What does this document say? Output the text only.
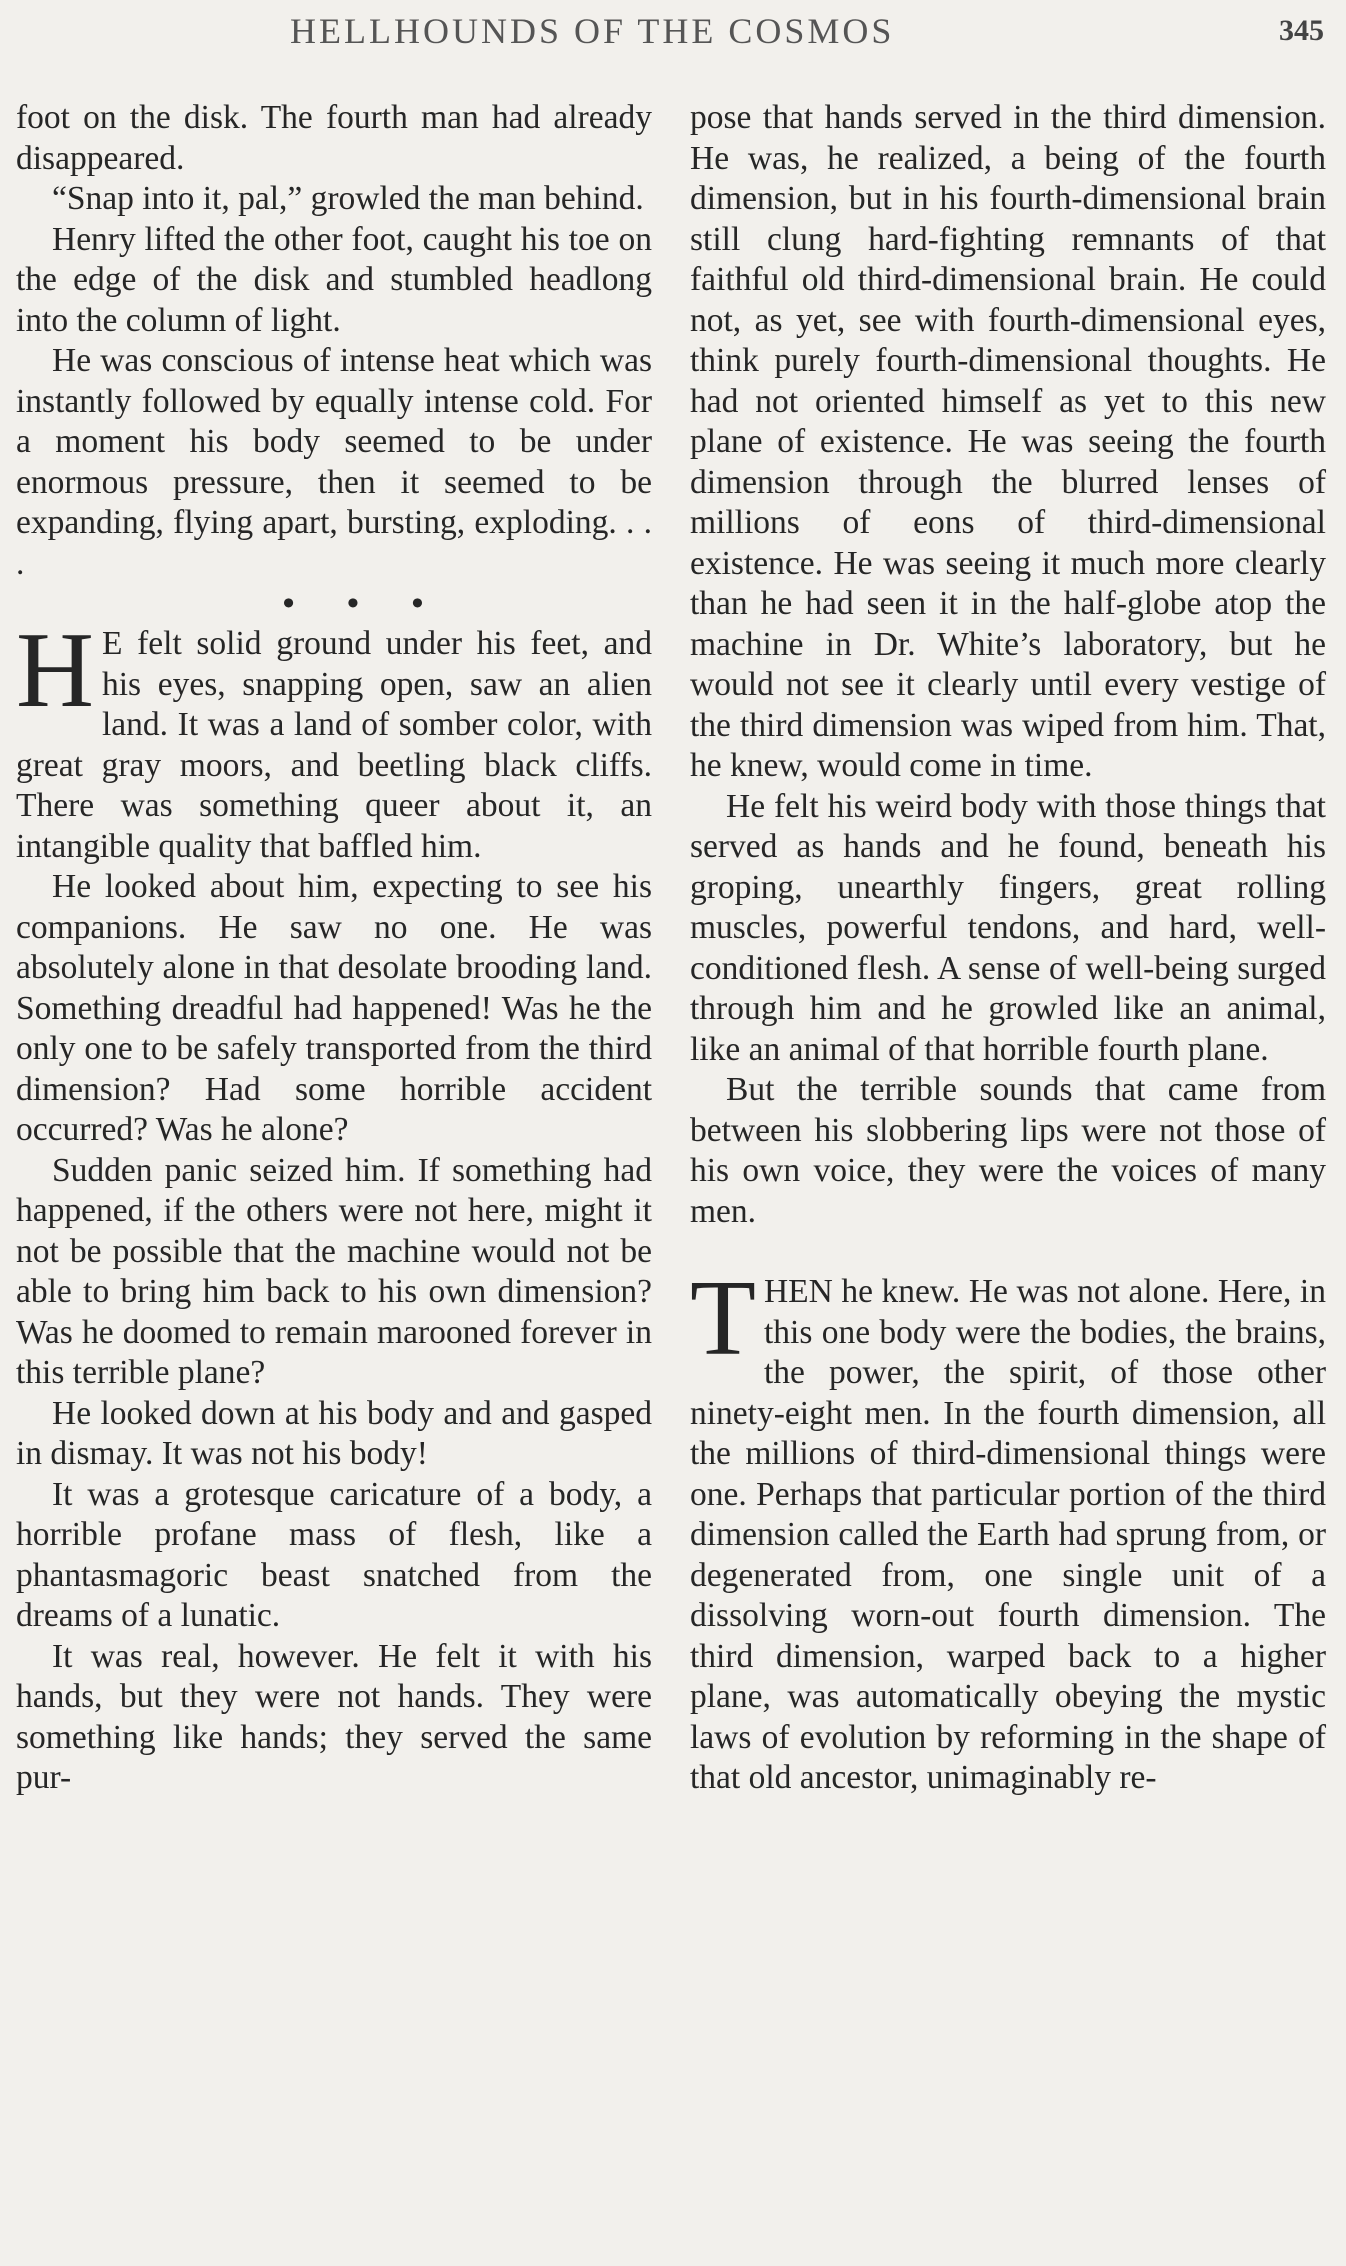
HELLHOUNDS OF THE COSMOS	345

foot on the disk. The fourth man had already disappeared.

“Snap into it, pal,” growled the man behind.

Henry lifted the other foot, caught his toe on the edge of the disk and stumbled headlong into the column of light.

He was conscious of intense heat which was instantly followed by equally intense cold. For a moment his body seemed to be under enormous pressure, then it seemed to be expanding, flying apart, bursting, exploding. . . .

• • •

H E felt solid ground under his feet, and his eyes, snapping open, saw an alien land. It was a land of somber color, with great gray moors, and beetling black cliffs. There was something queer about it, an intangible quality that baffled him.

He looked about him, expecting to see his companions. He saw no one. He was absolutely alone in that desolate brooding land. Something dreadful had happened! Was he the only one to be safely transported from the third dimension? Had some horrible accident occurred? Was he alone?

Sudden panic seized him. If something had happened, if the others were not here, might it not be possible that the machine would not be able to bring him back to his own dimension? Was he doomed to remain marooned forever in this terrible plane?

He looked down at his body and and gasped in dismay. It was not his body!

It was a grotesque caricature of a body, a horrible profane mass of flesh, like a phantasmagoric beast snatched from the dreams of a lunatic.

It was real, however. He felt it with his hands, but they were not hands. They were something like hands; they served the same pur-

pose that hands served in the third dimension. He was, he realized, a being of the fourth dimension, but in his fourth-dimensional brain still clung hard-fighting remnants of that faithful old third-dimensional brain. He could not, as yet, see with fourth-dimensional eyes, think purely fourth-dimensional thoughts. He had not oriented himself as yet to this new plane of existence. He was seeing the fourth dimension through the blurred lenses of millions of eons of third-dimensional existence. He was seeing it much more clearly than he had seen it in the half-globe atop the machine in Dr. White’s laboratory, but he would not see it clearly until every vestige of the third dimension was wiped from him. That, he knew, would come in time.

He felt his weird body with those things that served as hands and he found, beneath his groping, unearthly fingers, great rolling muscles, powerful tendons, and hard, well-conditioned flesh. A sense of well-being surged through him and he growled like an animal, like an animal of that horrible fourth plane.

But the terrible sounds that came from between his slobbering lips were not those of his own voice, they were the voices of many men.

THEN he knew. He was not alone. Here, in this one body were the bodies, the brains, the power, the spirit, of those other ninety-eight men. In the fourth dimension, all the millions of third-dimensional things were one. Perhaps that particular portion of the third dimension called the Earth had sprung from, or degenerated from, one single unit of a dissolving worn-out fourth dimension. The third dimension, warped back to a higher plane, was automatically obeying the mystic laws of evolution by reforming in the shape of that old ancestor, unimaginably re-
